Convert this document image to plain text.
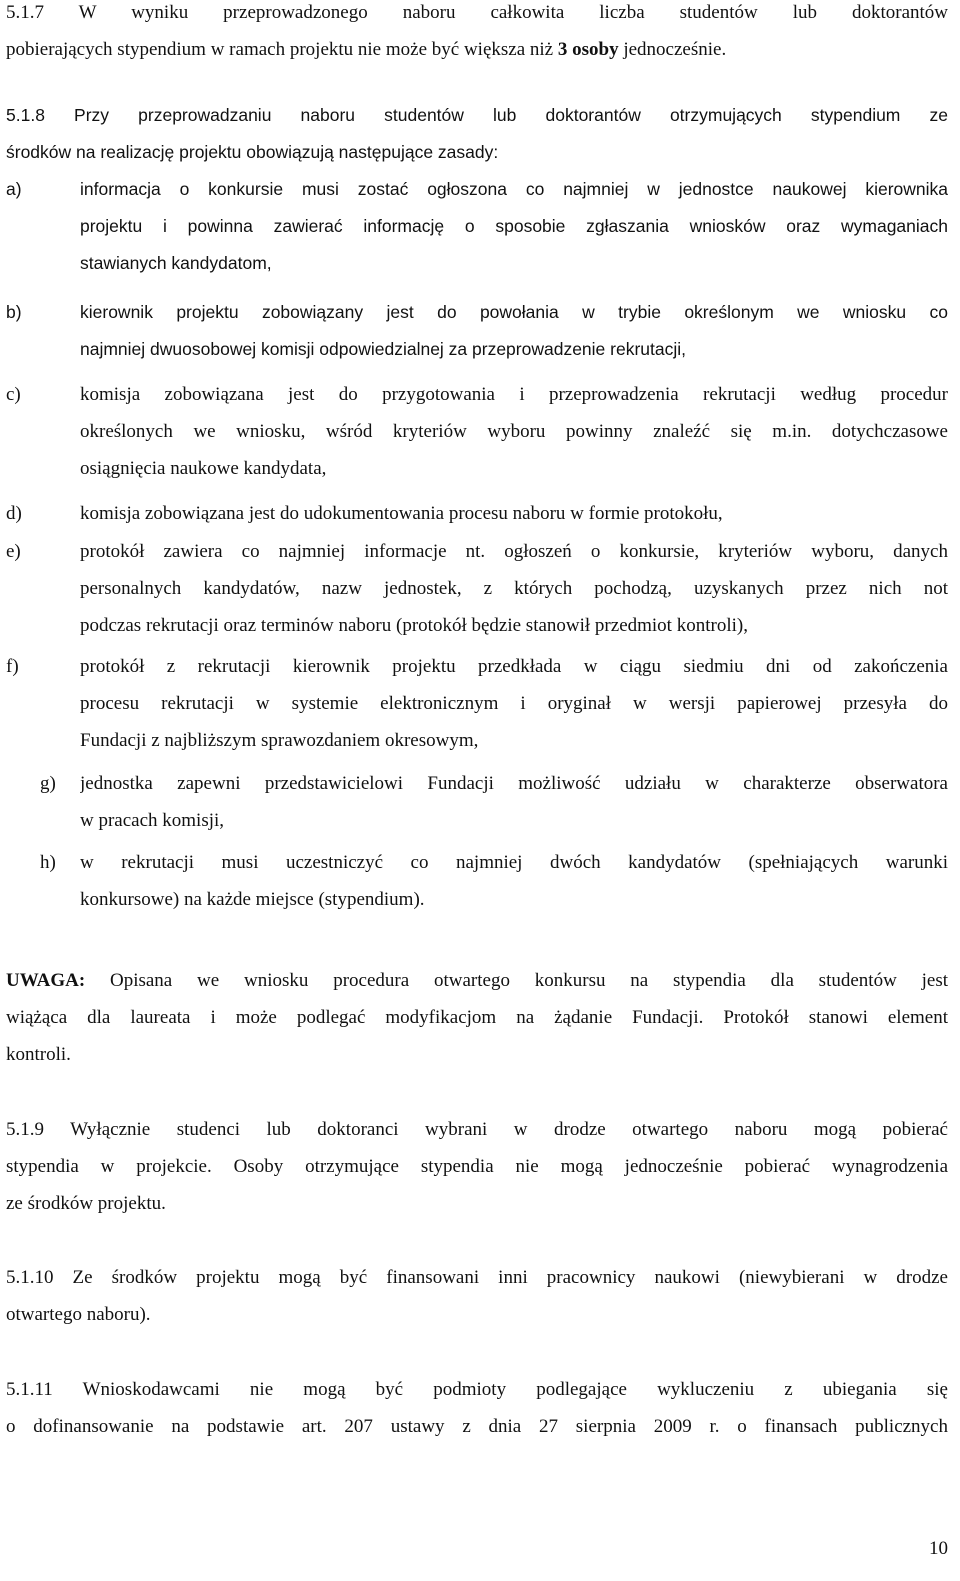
5.1.7 W wyniku przeprowadzonego naboru całkowita liczba studentów lub doktorantów
pobierających stypendium w ramach projektu nie może być większa niż 3 osoby jednocześnie.
5.1.8 Przy przeprowadzaniu naboru studentów lub doktorantów otrzymujących stypendium ze
środków na realizację projektu obowiązują następujące zasady:
a)	informacja o konkursie musi zostać ogłoszona co najmniej w jednostce naukowej kierownika
projektu i powinna zawierać informację o sposobie zgłaszania wniosków oraz wymaganiach
stawianych kandydatom,
b)	kierownik projektu zobowiązany jest do powołania w trybie określonym we wniosku co
najmniej dwuosobowej komisji odpowiedzialnej za przeprowadzenie rekrutacji,
c)	komisja zobowiązana jest do przygotowania i przeprowadzenia rekrutacji według procedur
określonych we wniosku, wśród kryteriów wyboru powinny znaleźć się m.in. dotychczasowe
osiągnięcia naukowe kandydata,
d)	komisja zobowiązana jest do udokumentowania procesu naboru w formie protokołu,
e)	protokół zawiera co najmniej informacje nt. ogłoszeń o konkursie, kryteriów wyboru, danych
personalnych kandydatów, nazw jednostek, z których pochodzą, uzyskanych przez nich not
podczas rekrutacji oraz terminów naboru (protokół będzie stanowił przedmiot kontroli),
f)	protokół z rekrutacji kierownik projektu przedkłada w ciągu siedmiu dni od zakończenia
procesu rekrutacji w systemie elektronicznym i oryginał w wersji papierowej przesyła do
Fundacji z najbliższym sprawozdaniem okresowym,
g)	jednostka zapewni przedstawicielowi Fundacji możliwość udziału w charakterze obserwatora
w pracach komisji,
h)	w rekrutacji musi uczestniczyć co najmniej dwóch kandydatów (spełniających warunki
konkursowe) na każde miejsce (stypendium).
UWAGA: Opisana we wniosku procedura otwartego konkursu na stypendia dla studentów jest
wiążąca dla laureata i może podlegać modyfikacjom na żądanie Fundacji. Protokół stanowi element
kontroli.
5.1.9 Wyłącznie studenci lub doktoranci wybrani w drodze otwartego naboru mogą pobierać
stypendia w projekcie. Osoby otrzymujące stypendia nie mogą jednocześnie pobierać wynagrodzenia
ze środków projektu.
5.1.10 Ze środków projektu mogą być finansowani inni pracownicy naukowi (niewybierani w drodze
otwartego naboru).
5.1.11 Wnioskodawcami nie mogą być podmioty podlegające wykluczeniu z ubiegania się
o dofinansowanie na podstawie art. 207 ustawy z dnia 27 sierpnia 2009 r. o finansach publicznych
10
